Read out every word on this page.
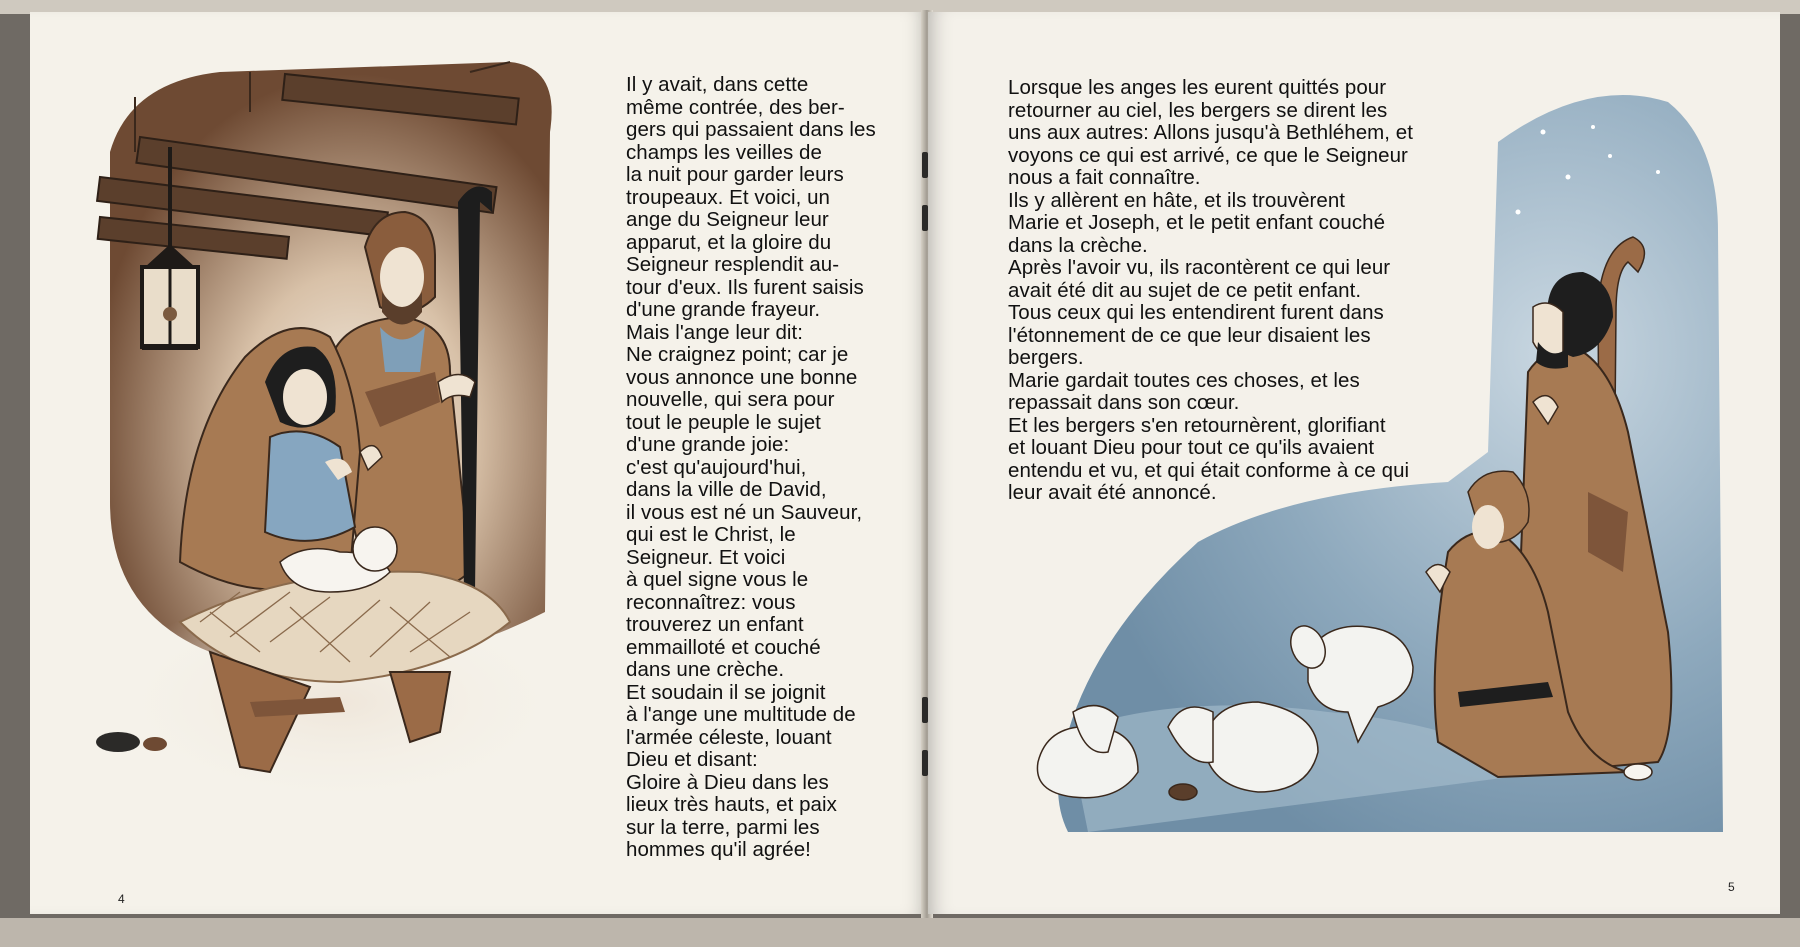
Il y avait, dans cette
même contrée, des ber-
gers qui passaient dans les
champs les veilles de
la nuit pour garder leurs
troupeaux. Et voici, un
ange du Seigneur leur
apparut, et la gloire du
Seigneur resplendit au-
tour d'eux. Ils furent saisis
d'une grande frayeur.
Mais l'ange leur dit:
Ne craignez point; car je
vous annonce une bonne
nouvelle, qui sera pour
tout le peuple le sujet
d'une grande joie:
c'est qu'aujourd'hui,
dans la ville de David,
il vous est né un Sauveur,
qui est le Christ, le
Seigneur. Et voici
à quel signe vous le
reconnaîtrez: vous
trouverez un enfant
emmailloté et couché
dans une crèche.
Et soudain il se joignit
à l'ange une multitude de
l'armée céleste, louant
Dieu et disant:
Gloire à Dieu dans les
lieux très hauts, et paix
sur la terre, parmi les
hommes qu'il agrée!
4
Lorsque les anges les eurent quittés pour
retourner au ciel, les bergers se dirent les
uns aux autres: Allons jusqu'à Bethléhem, et
voyons ce qui est arrivé, ce que le Seigneur
nous a fait connaître.
Ils y allèrent en hâte, et ils trouvèrent
Marie et Joseph, et le petit enfant couché
dans la crèche.
Après l'avoir vu, ils racontèrent ce qui leur
avait été dit au sujet de ce petit enfant.
Tous ceux qui les entendirent furent dans
l'étonnement de ce que leur disaient les
bergers.
Marie gardait toutes ces choses, et les
repassait dans son cœur.
Et les bergers s'en retournèrent, glorifiant
et louant Dieu pour tout ce qu'ils avaient
entendu et vu, et qui était conforme à ce qui
leur avait été annoncé.
5
